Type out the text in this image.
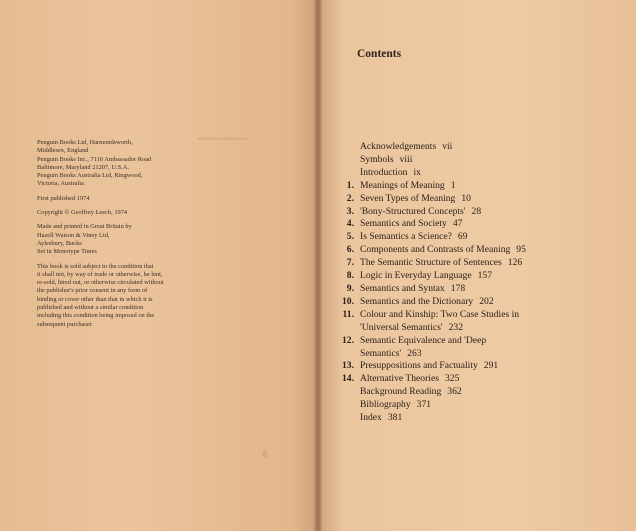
▔▔▔▔▔
◖

Penguin Books Ltd, Harmondsworth,
Middlesex, England
Penguin Books Inc., 7110 Ambassador Road
Baltimore, Maryland 21207, U.S.A.
Penguin Books Australia Ltd, Ringwood,
Victoria, Australia

First published 1974

Copyright © Geoffrey Leech, 1974

Made and printed in Great Britain by
Hazell Watson & Viney Ltd,
Aylesbury, Bucks
Set in Monotype Times

This book is sold subject to the condition that
it shall not, by way of trade or otherwise, be lent,
re-sold, hired out, or otherwise circulated without
the publisher's prior consent in any form of
binding or cover other than that in which it is
published and without a similar condition
including this condition being imposed on the
subsequent purchaser

Contents
Acknowledgements vii
Symbols viii
Introduction ix
1. Meanings of Meaning 1
2. Seven Types of Meaning 10
3. 'Bony-Structured Concepts' 28
4. Semantics and Society 47
5. Is Semantics a Science? 69
6. Components and Contrasts of Meaning 95
7. The Semantic Structure of Sentences 126
8. Logic in Everyday Language 157
9. Semantics and Syntax 178
10. Semantics and the Dictionary 202
11. Colour and Kinship: Two Case Studies in
'Universal Semantics' 232
12. Semantic Equivalence and 'Deep
Semantics' 263
13. Presuppositions and Factuality 291
14. Alternative Theories 325
Background Reading 362
Bibliography 371
Index 381
